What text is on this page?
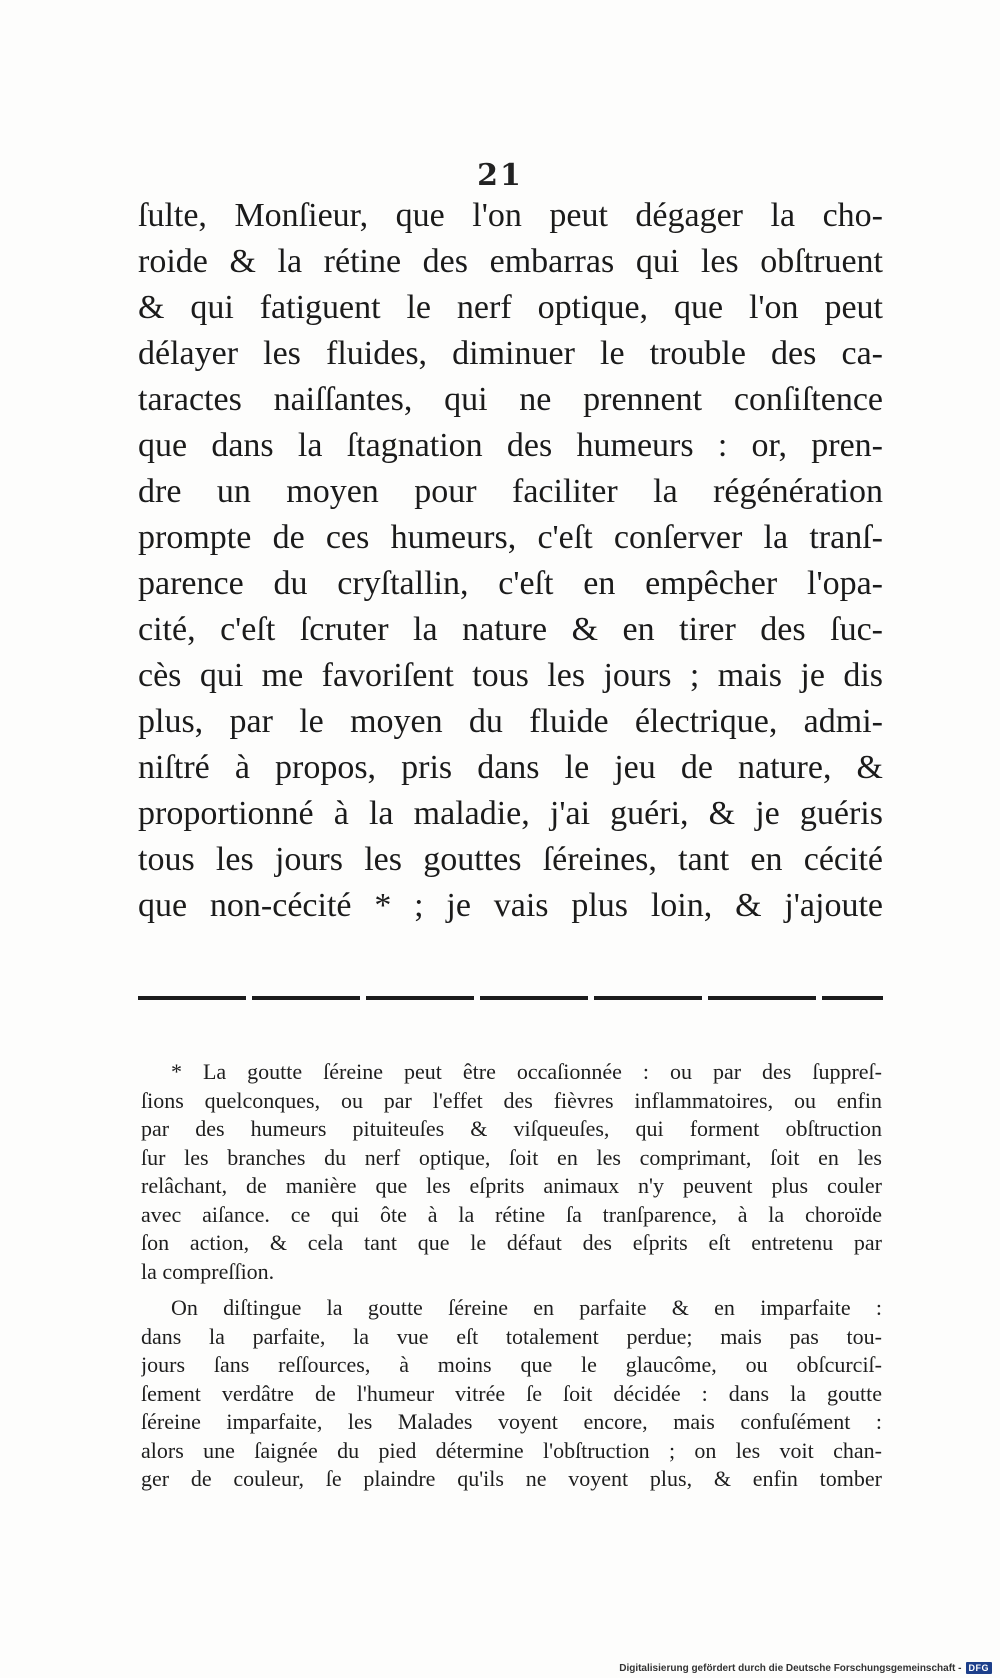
21
ſulte, Monſieur, que l'on peut dégager la cho-
roide & la rétine des embarras qui les obſtruent
& qui fatiguent le nerf optique, que l'on peut
délayer les fluides, diminuer le trouble des ca-
taractes naiſſantes, qui ne prennent conſiſtence
que dans la ſtagnation des humeurs : or, pren-
dre un moyen pour faciliter la régénération
prompte de ces humeurs, c'eſt conſerver la tranſ-
parence du cryſtallin, c'eſt en empêcher l'opa-
cité, c'eſt ſcruter la nature & en tirer des ſuc-
cès qui me favoriſent tous les jours ; mais je dis
plus, par le moyen du fluide électrique, admi-
niſtré à propos, pris dans le jeu de nature, &
proportionné à la maladie, j'ai guéri, & je guéris
tous les jours les gouttes ſéreines, tant en cécité
que non-cécité * ; je vais plus loin, & j'ajoute
* La goutte ſéreine peut être occaſionnée : ou par des ſuppreſ-
ſions quelconques, ou par l'effet des fièvres inflammatoires, ou enfin
par des humeurs pituiteuſes & viſqueuſes, qui forment obſtruction
ſur les branches du nerf optique, ſoit en les comprimant, ſoit en les
relâchant, de manière que les eſprits animaux n'y peuvent plus couler
avec aiſance. ce qui ôte à la rétine ſa tranſparence, à la choroïde
ſon action, & cela tant que le défaut des eſprits eſt entretenu par
la compreſſion.
On diſtingue la goutte ſéreine en parfaite & en imparfaite :
dans la parfaite, la vue eſt totalement perdue; mais pas tou-
jours ſans reſſources, à moins que le glaucôme, ou obſcurciſ-
ſement verdâtre de l'humeur vitrée ſe ſoit décidée : dans la goutte
ſéreine imparfaite, les Malades voyent encore, mais confuſément :
alors une ſaignée du pied détermine l'obſtruction ; on les voit chan-
ger de couleur, ſe plaindre qu'ils ne voyent plus, & enfin tomber
Digitalisierung gefördert durch die Deutsche Forschungsgemeinschaft - DFG
